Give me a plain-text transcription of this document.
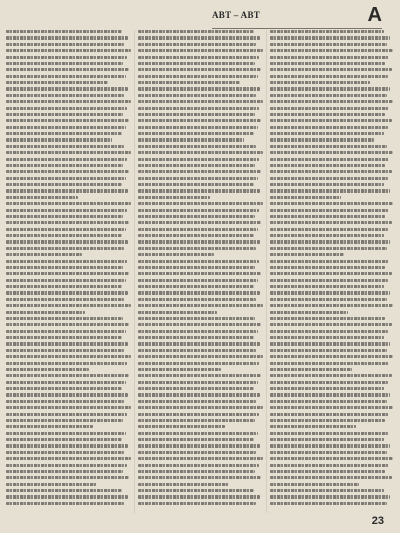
ABT – ABT	A
23
